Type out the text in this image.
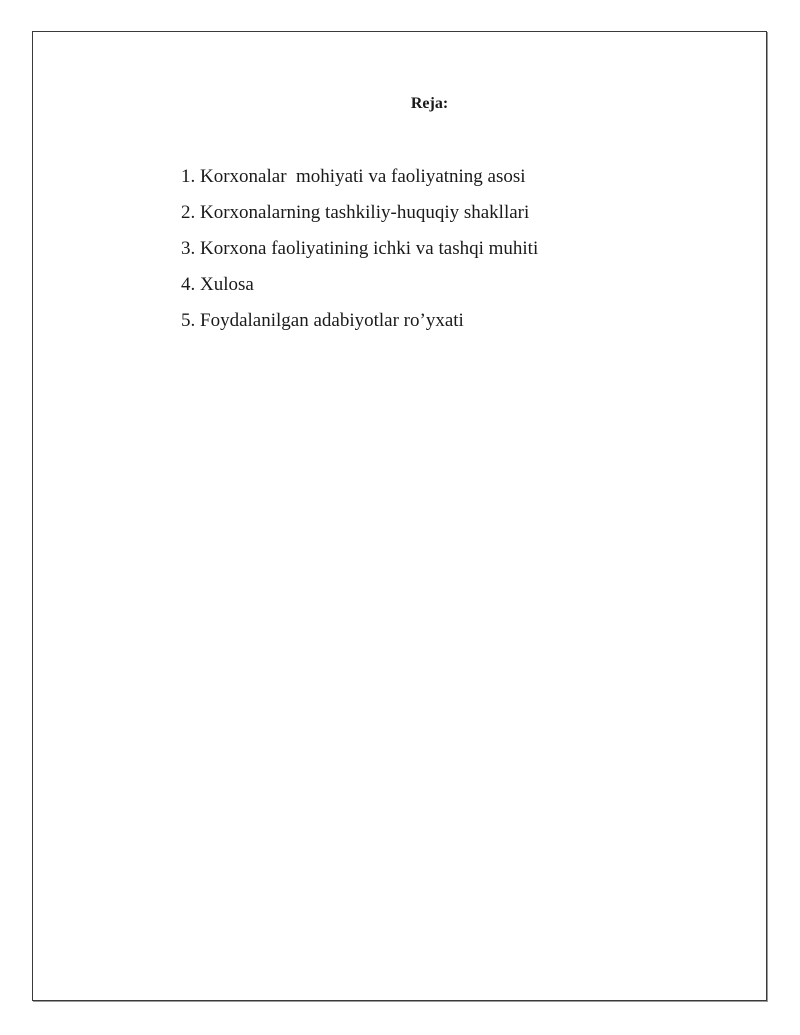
Reja:
1. Korxonalar  mohiyati va faoliyatning asosi
2. Korxonalarning tashkiliy-huquqiy shakllari
3. Korxona faoliyatining ichki va tashqi muhiti
4. Xulosa
5. Foydalanilgan adabiyotlar ro’yxati
